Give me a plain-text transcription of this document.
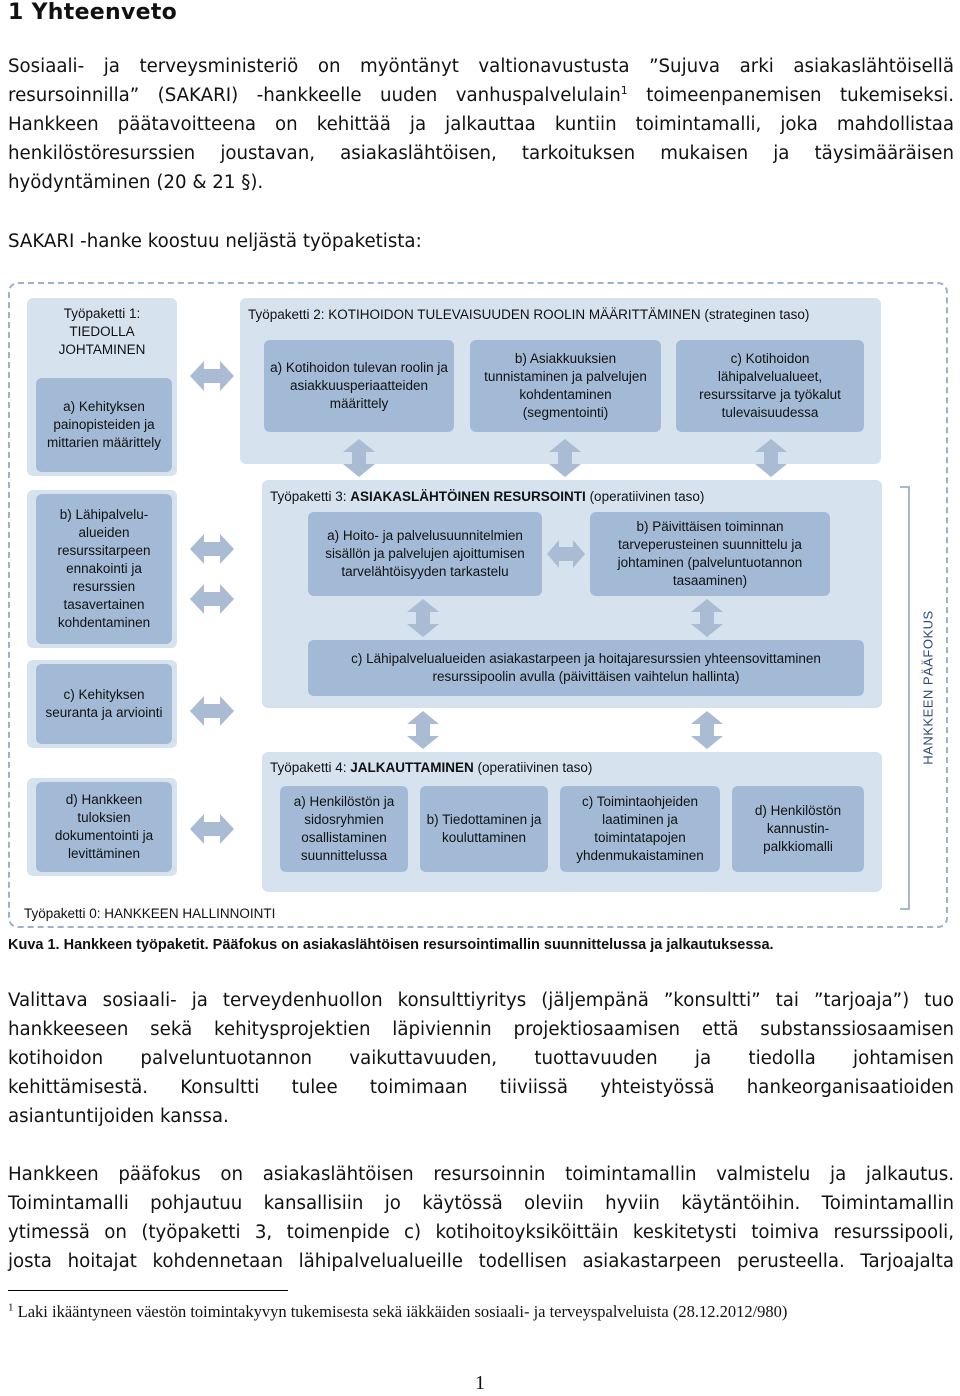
1 Yhteenveto
Sosiaali- ja terveysministeriö on myöntänyt valtionavustusta ”Sujuva arki asiakaslähtöisellä
resursoinnilla” (SAKARI) -hankkeelle uuden vanhuspalvelulain$^1$ toimeenpanemisen tukemiseksi.
Hankkeen päätavoitteena on kehittää ja jalkauttaa kuntiin toimintamalli, joka mahdollistaa
henkilöstöresurssien joustavan, asiakaslähtöisen, tarkoituksen mukaisen ja täysimääräisen
hyödyntäminen (20 & 21 §).
SAKARI -hanke koostuu neljästä työpaketista:
Työpaketti 1:
TIEDOLLA
JOHTAMINEN
a) Kehityksen painopisteiden ja mittarien määrittely
b) Lähipalvelu-alueiden resurssitarpeen ennakointi ja resurssien tasavertainen kohdentaminen
c) Kehityksen seuranta ja arviointi
d) Hankkeen tuloksien dokumentointi ja levittäminen
Työpaketti 2: KOTIHOIDON TULEVAISUUDEN ROOLIN MÄÄRITTÄMINEN (strateginen taso)
a) Kotihoidon tulevan roolin ja asiakkuusperiaatteiden määrittely
b) Asiakkuuksien tunnistaminen ja palvelujen kohdentaminen (segmentointi)
c) Kotihoidon lähipalvelualueet, resurssitarve ja työkalut tulevaisuudessa
Työpaketti 3: ASIAKASLÄHTÖINEN RESURSOINTI (operatiivinen taso)
a) Hoito- ja palvelusuunnitelmien sisällön ja palvelujen ajoittumisen tarvelähtöisyyden tarkastelu
b) Päivittäisen toiminnan tarveperusteinen suunnittelu ja johtaminen (palveluntuotannon tasaaminen)
c) Lähipalvelualueiden asiakastarpeen ja hoitajaresurssien yhteensovittaminen resurssipoolin avulla (päivittäisen vaihtelun hallinta)
Työpaketti 4: JALKAUTTAMINEN (operatiivinen taso)
a) Henkilöstön ja sidosryhmien osallistaminen suunnittelussa
b) Tiedottaminen ja kouluttaminen
c) Toimintaohjeiden laatiminen ja toimintatapojen yhdenmukaistaminen
d) Henkilöstön kannustin-palkkiomalli
Työpaketti 0: HANKKEEN HALLINNOINTI
HANKKEEN PÄÄFOKUS
Kuva 1. Hankkeen työpaketit. Pääfokus on asiakaslähtöisen resursointimallin suunnittelussa ja jalkautuksessa.
Valittava sosiaali- ja terveydenhuollon konsulttiyritys (jäljempänä ”konsultti” tai ”tarjoaja”) tuo
hankkeeseen sekä kehitysprojektien läpiviennin projektiosaamisen että substanssiosaamisen
kotihoidon palveluntuotannon vaikuttavuuden, tuottavuuden ja tiedolla johtamisen
kehittämisestä. Konsultti tulee toimimaan tiiviissä yhteistyössä hankeorganisaatioiden
asiantuntijoiden kanssa.
Hankkeen pääfokus on asiakaslähtöisen resursoinnin toimintamallin valmistelu ja jalkautus.
Toimintamalli pohjautuu kansallisiin jo käytössä oleviin hyviin käytäntöihin. Toimintamallin
ytimessä on (työpaketti 3, toimenpide c) kotihoitoyksiköittäin keskitetysti toimiva resurssipooli,
josta hoitajat kohdennetaan lähipalvelualueille todellisen asiakastarpeen perusteella. Tarjoajalta
$^1$ Laki ikääntyneen väestön toimintakyvyn tukemisesta sekä iäkkäiden sosiaali- ja terveyspalveluista (28.12.2012/980)
1
